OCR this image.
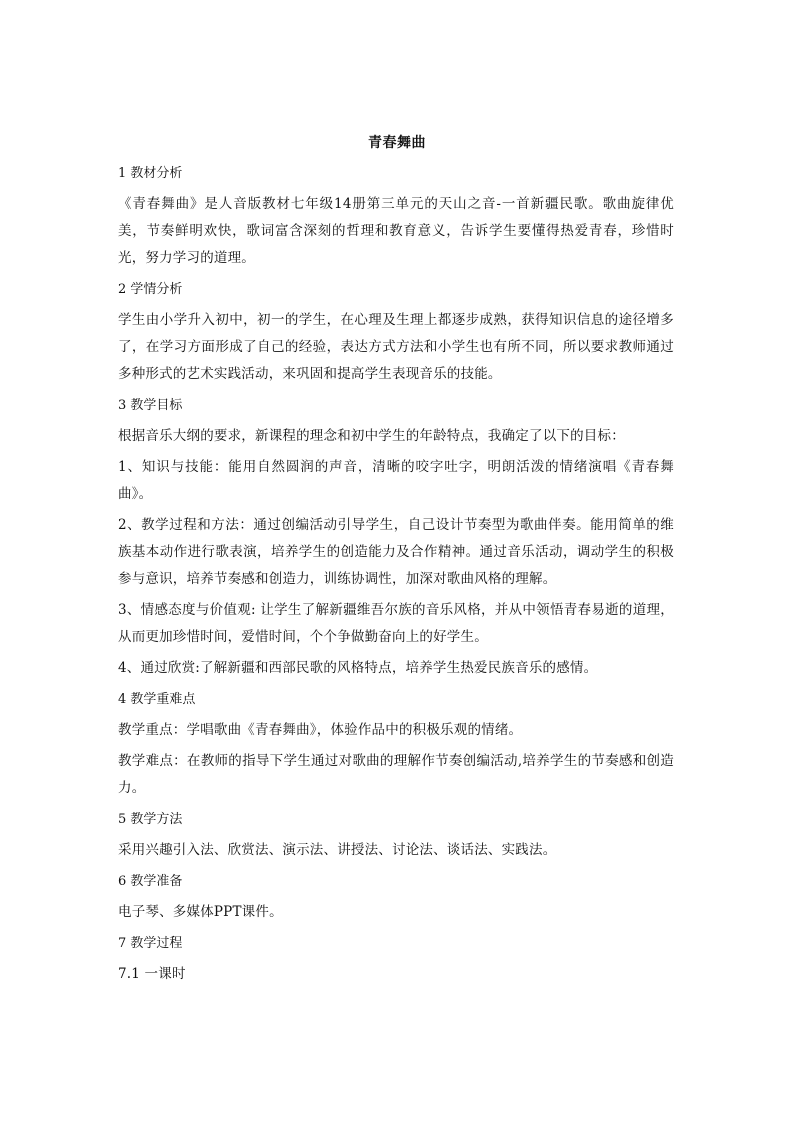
青春舞曲
1 教材分析
《青春舞曲》是人音版教材七年级14册第三单元的天山之音-一首新疆民歌。歌曲旋律优美，节奏鲜明欢快，歌词富含深刻的哲理和教育意义，告诉学生要懂得热爱青春，珍惜时光，努力学习的道理。
2 学情分析
学生由小学升入初中，初一的学生，在心理及生理上都逐步成熟，获得知识信息的途径增多了，在学习方面形成了自己的经验，表达方式方法和小学生也有所不同，所以要求教师通过多种形式的艺术实践活动，来巩固和提高学生表现音乐的技能。
3 教学目标
根据音乐大纲的要求，新课程的理念和初中学生的年龄特点，我确定了以下的目标：
1、知识与技能：能用自然圆润的声音，清晰的咬字吐字，明朗活泼的情绪演唱《青春舞曲》。
2、教学过程和方法：通过创编活动引导学生，自己设计节奏型为歌曲伴奏。能用简单的维族基本动作进行歌表演，培养学生的创造能力及合作精神。通过音乐活动，调动学生的积极参与意识，培养节奏感和创造力，训练协调性，加深对歌曲风格的理解。
3、情感态度与价值观: 让学生了解新疆维吾尔族的音乐风格，并从中领悟青春易逝的道理，从而更加珍惜时间，爱惜时间，个个争做勤奋向上的好学生。
4、通过欣赏:了解新疆和西部民歌的风格特点，培养学生热爱民族音乐的感情。
4 教学重难点
教学重点：学唱歌曲《青春舞曲》，体验作品中的积极乐观的情绪。
教学难点：在教师的指导下学生通过对歌曲的理解作节奏创编活动,培养学生的节奏感和创造力。
5 教学方法
采用兴趣引入法、欣赏法、演示法、讲授法、讨论法、谈话法、实践法。
6 教学准备
电子琴、多媒体PPT课件。
7 教学过程
7.1 一课时
